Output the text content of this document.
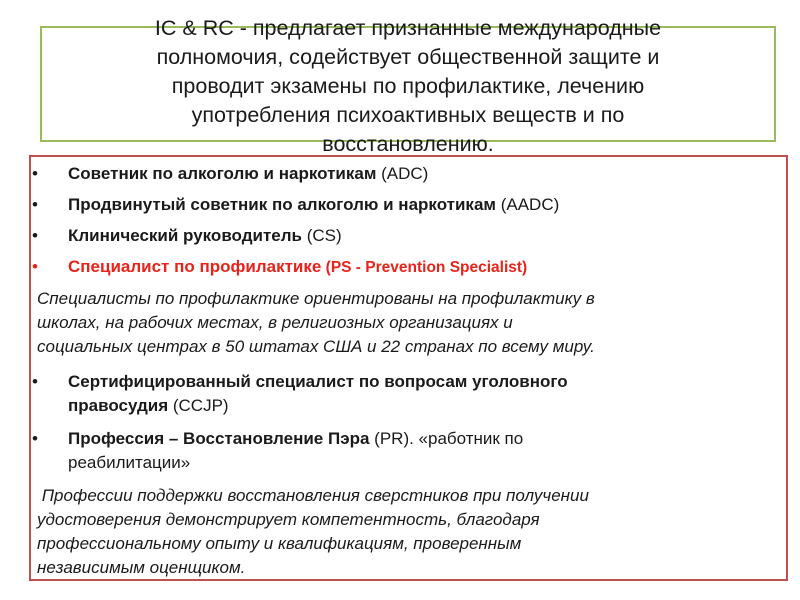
IC & RC - предлагает признанные международные
полномочия, содействует общественной защите и
проводит экзамены по профилактике, лечению
употребления психоактивных веществ и по
восстановлению.
•	Советник по алкоголю и наркотикам (ADC)
•	Продвинутый советник по алкоголю и наркотикам (AADC)
•	Клинический руководитель (CS)
•	Специалист по профилактике (PS - Prevention Specialist)
Специалисты по профилактике ориентированы на профилактику в
школах, на рабочих местах, в религиозных организациях и
социальных центрах в 50 штатах США и 22 странах по всему миру.
•	Сертифицированный специалист по вопросам уголовного
правосудия (CCJP)
•	Профессия – Восстановление Пэра (PR). «работник по
реабилитации»
Профессии поддержки восстановления сверстников при получении
удостоверения демонстрирует компетентность, благодаря
профессиональному опыту и квалификациям, проверенным
независимым оценщиком.
